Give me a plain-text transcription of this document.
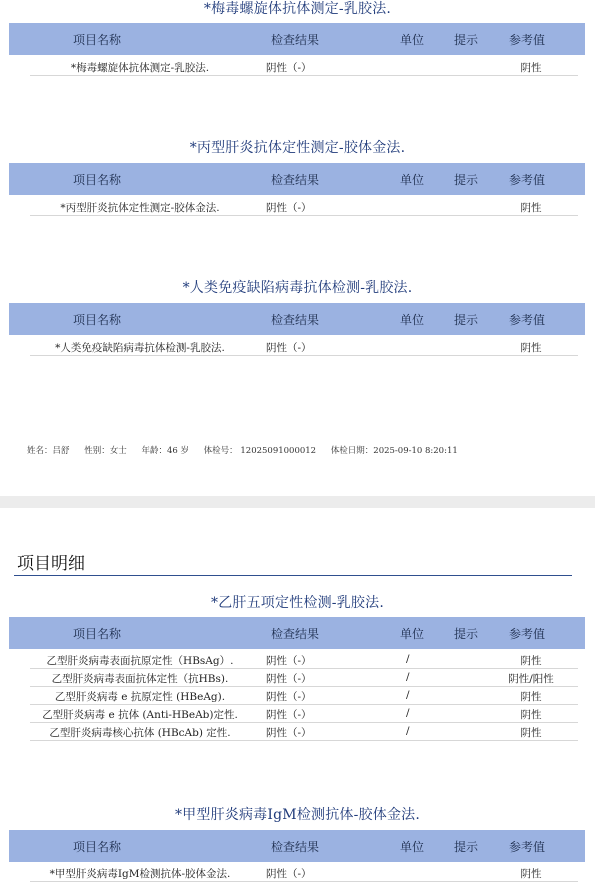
*梅毒螺旋体抗体测定-乳胶法.
项目名称	检查结果	单位 提示	参考值
*梅毒螺旋体抗体测定-乳胶法.	阴性（-）	阴性
*丙型肝炎抗体定性测定-胶体金法.
项目名称	检查结果	单位 提示	参考值
*丙型肝炎抗体定性测定-胶体金法.	阴性（-）	阴性
*人类免疫缺陷病毒抗体检测-乳胶法.
项目名称	检查结果	单位 提示	参考值
*人类免疫缺陷病毒抗体检测-乳胶法.	阴性（-）	阴性
姓名：吕舒 性别：女士 年龄：46 岁 体检号： 12025091000012 体检日期：2025-09-10 8:20:11
项目明细
*乙肝五项定性检测-乳胶法.
项目名称	检查结果	单位 提示	参考值
乙型肝炎病毒表面抗原定性（HBsAg）.	阴性（-）	/	阴性
乙型肝炎病毒表面抗体定性（抗HBs).	阴性（-）	/	阴性/阳性
乙型肝炎病毒 e 抗原定性 (HBeAg).	阴性（-）	/	阴性
乙型肝炎病毒 e 抗体 (Anti-HBeAb)定性.	阴性（-）	/	阴性
乙型肝炎病毒核心抗体 (HBcAb) 定性.	阴性（-）	/	阴性
*甲型肝炎病毒IgM检测抗体-胶体金法.
项目名称	检查结果	单位 提示	参考值
*甲型肝炎病毒IgM检测抗体-胶体金法.	阴性（-）	阴性
